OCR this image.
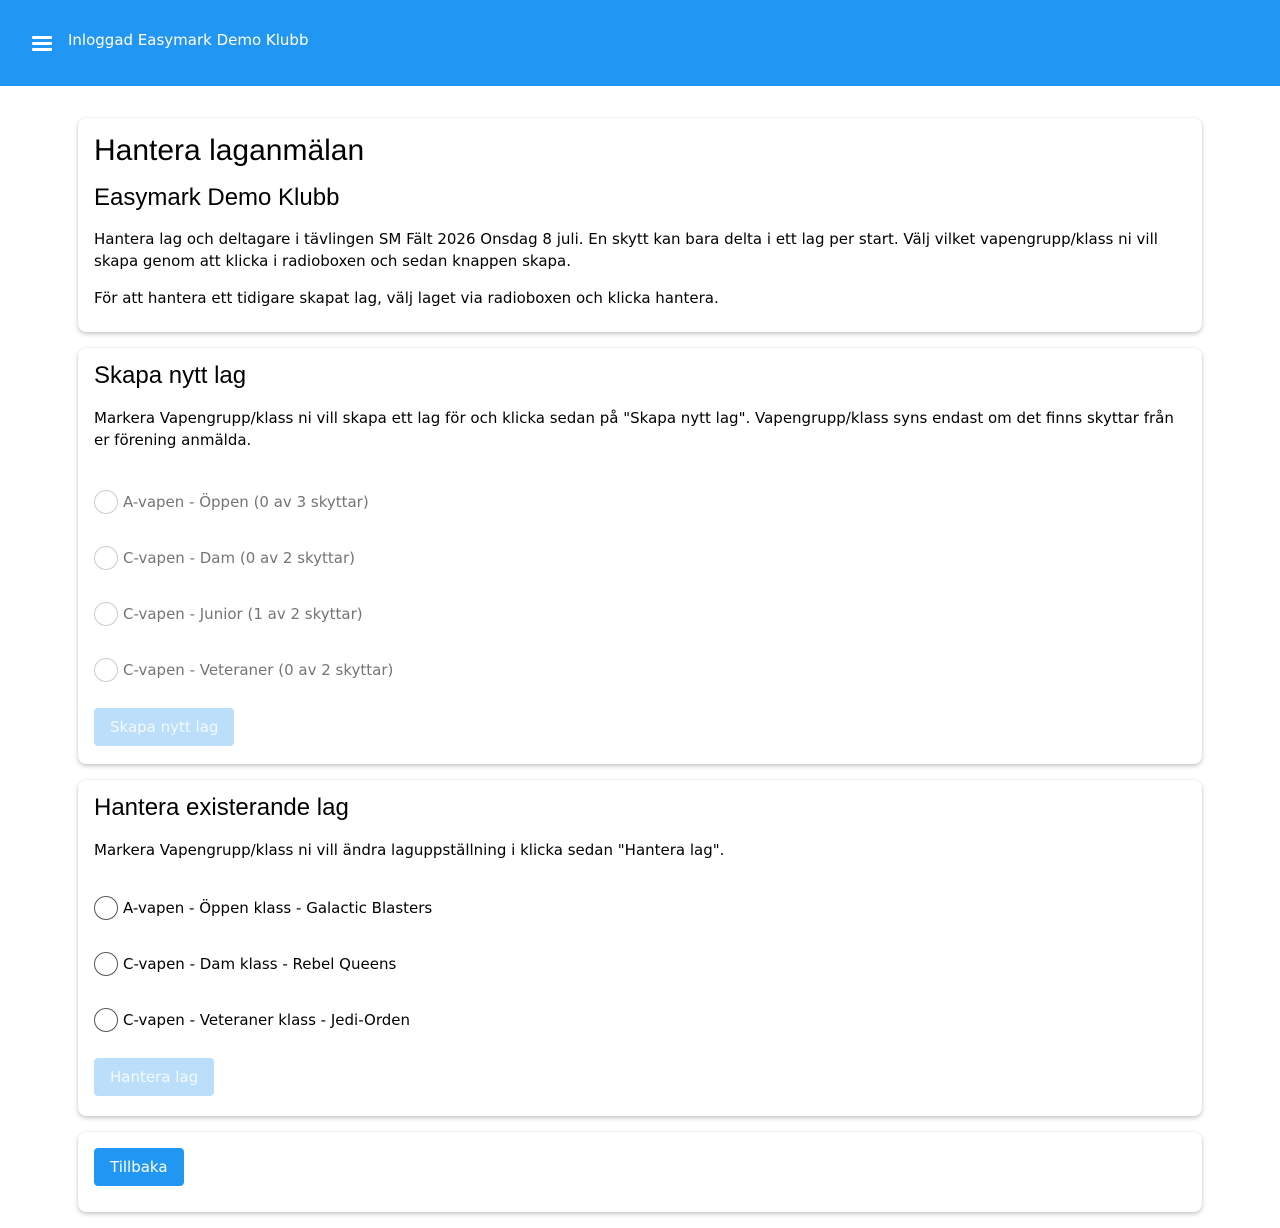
Inloggad Easymark Demo Klubb
Hantera laganmälan
Easymark Demo Klubb

Hantera lag och deltagare i tävlingen SM Fält 2026 Onsdag 8 juli. En skytt kan bara delta i ett lag per start. Välj vilket vapengrupp/klass ni vill skapa genom att klicka i radioboxen och sedan knappen skapa.

För att hantera ett tidigare skapat lag, välj laget via radioboxen och klicka hantera.

Skapa nytt lag

Markera Vapengrupp/klass ni vill skapa ett lag för och klicka sedan på "Skapa nytt lag". Vapengrupp/klass syns endast om det finns skyttar från er förening anmälda.

A-vapen - Öppen (0 av 3 skyttar)
C-vapen - Dam (0 av 2 skyttar)
C-vapen - Junior (1 av 2 skyttar)
C-vapen - Veteraner (0 av 2 skyttar)
Skapa nytt lag
Hantera existerande lag

Markera Vapengrupp/klass ni vill ändra laguppställning i klicka sedan "Hantera lag".

A-vapen - Öppen klass - Galactic Blasters
C-vapen - Dam klass - Rebel Queens
C-vapen - Veteraner klass - Jedi-Orden
Hantera lag
Tillbaka
